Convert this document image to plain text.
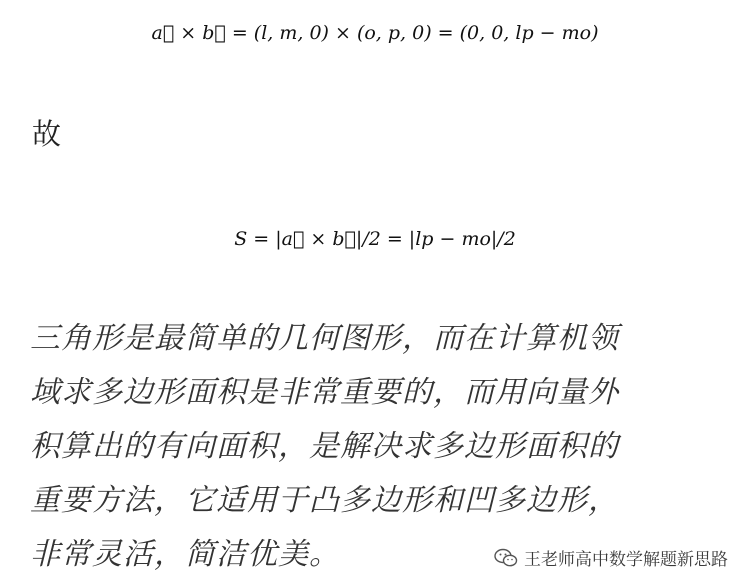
a⃗ × b⃗ = (l, m, 0) × (o, p, 0) = (0, 0, lp − mo)
故
S = |a⃗ × b⃗|/2 = |lp − mo|/2
三角形是最简单的几何图形，而在计算机领
域求多边形面积是非常重要的，而用向量外
积算出的有向面积，是解决求多边形面积的
重要方法，它适用于凸多边形和凹多边形，
非常灵活，简洁优美。	王老师高中数学解题新思路
